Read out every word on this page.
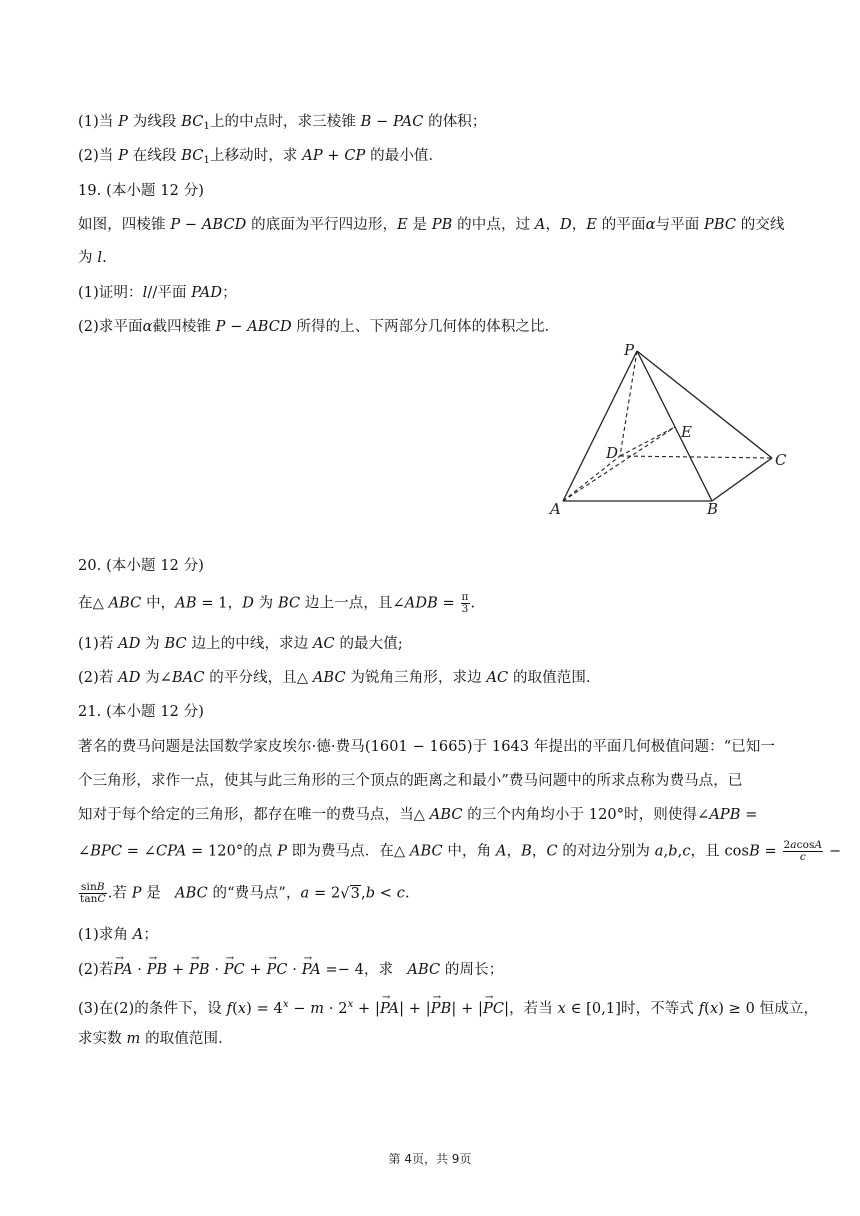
(1)当 P 为线段 $BC_1$上的中点时，求三棱锥 B − PAC 的体积；
(2)当 P 在线段 $BC_1$上移动时，求 AP + CP 的最小值．
19. (本小题 12 分)
如图，四棱锥 P − ABCD 的底面为平行四边形，E 是 PB 的中点，过 A，D，E 的平面α与平面 PBC 的交线
为 l.
(1)证明：l//平面 PAD；
(2)求平面α截四棱锥 P − ABCD 所得的上、下两部分几何体的体积之比．
P
E
D	C
A	B
20. (本小题 12 分)
在△ ABC 中，AB = 1，D 为 BC 边上一点，且∠ADB = $\frac{\pi}{3}$ .
(1)若 AD 为 BC 边上的中线，求边 AC 的最大值;
(2)若 AD 为∠BAC 的平分线，且△ ABC 为锐角三角形，求边 AC 的取值范围．
21. (本小题 12 分)
著名的费马问题是法国数学家皮埃尔·德·费马(1601 − 1665)于 1643 年提出的平面几何极值问题：“已知一
个三角形，求作一点，使其与此三角形的三个顶点的距离之和最小”费马问题中的所求点称为费马点，已
知对于每个给定的三角形，都存在唯一的费马点，当△ ABC 的三个内角均小于 120°时，则使得∠APB =
∠BPC = ∠CPA = 120°的点 P 即为费马点．在△ ABC 中，角 A，B，C 的对边分别为 a,b,c，且 $\cos B = \frac{2acosA}{c}$ −
$\frac{\sin B}{\tan C}$ .若 P 是   ABC 的“费马点”，a = 2√3,b < c.
(1)求角 A；
(2)若→ PA · → PB + → PB · → PC + → PC · → PA =− 4，求   ABC 的周长；
(3)在(2)的条件下，设 $f(x) = 4^x - m \cdot 2^x$ + |→ PA| + |→ PB| + |→ PC|，若当 x ∈ [0,1]时，不等式 f(x) ≥ 0 恒成立，
求实数 m 的取值范围．
第 4页，共 9页
